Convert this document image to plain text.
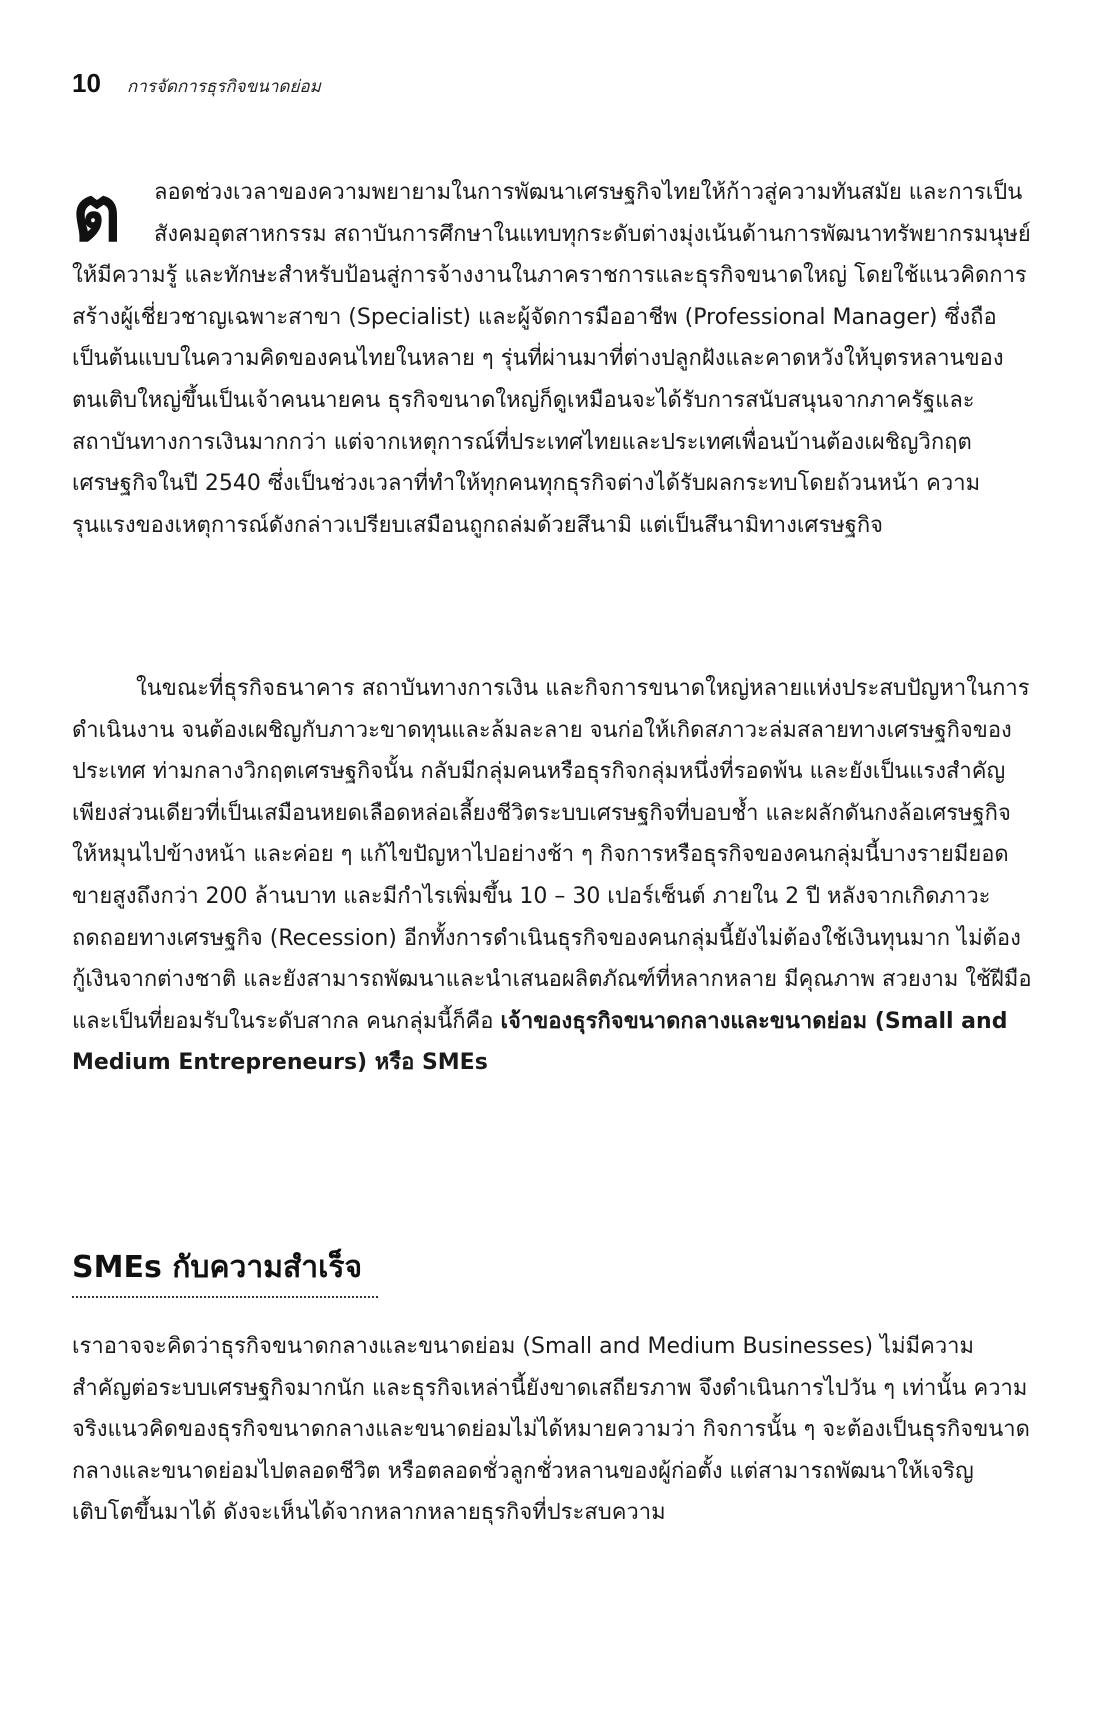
10 การจัดการธุรกิจขนาดย่อม
ต	ลอดช่วงเวลาของความพยายามในการพัฒนาเศรษฐกิจไทยให้ก้าวสู่ความทันสมัย และการเป็นสังคมอุตสาหกรรม สถาบันการศึกษาในแทบทุกระดับต่างมุ่งเน้นด้านการพัฒนาทรัพยากรมนุษย์ให้มีความรู้ และทักษะสำหรับป้อนสู่การจ้างงานในภาคราชการและธุรกิจขนาดใหญ่ โดยใช้แนวคิดการสร้างผู้เชี่ยวชาญเฉพาะสาขา (Specialist) และผู้จัดการมืออาชีพ (Professional Manager) ซึ่งถือเป็นต้นแบบในความคิดของคนไทยในหลาย ๆ รุ่นที่ผ่านมาที่ต่างปลูกฝังและคาดหวังให้บุตรหลานของตนเติบใหญ่ขึ้นเป็นเจ้าคนนายคน ธุรกิจขนาดใหญ่ก็ดูเหมือนจะได้รับการสนับสนุนจากภาครัฐและสถาบันทางการเงินมากกว่า แต่จากเหตุการณ์ที่ประเทศไทยและประเทศเพื่อนบ้านต้องเผชิญวิกฤตเศรษฐกิจในปี 2540 ซึ่งเป็นช่วงเวลาที่ทำให้ทุกคนทุกธุรกิจต่างได้รับผลกระทบโดยถ้วนหน้า ความรุนแรงของเหตุการณ์ดังกล่าวเปรียบเสมือนถูกถล่มด้วยสึนามิ แต่เป็นสึนามิทางเศรษฐกิจ

ในขณะที่ธุรกิจธนาคาร สถาบันทางการเงิน และกิจการขนาดใหญ่หลายแห่งประสบปัญหาในการดำเนินงาน จนต้องเผชิญกับภาวะขาดทุนและล้มละลาย จนก่อให้เกิดสภาวะล่มสลายทางเศรษฐกิจของประเทศ ท่ามกลางวิกฤตเศรษฐกิจนั้น กลับมีกลุ่มคนหรือธุรกิจกลุ่มหนึ่งที่รอดพ้น และยังเป็นแรงสำคัญเพียงส่วนเดียวที่เป็นเสมือนหยดเลือดหล่อเลี้ยงชีวิตระบบเศรษฐกิจที่บอบช้ำ และผลักดันกงล้อเศรษฐกิจให้หมุนไปข้างหน้า และค่อย ๆ แก้ไขปัญหาไปอย่างช้า ๆ กิจการหรือธุรกิจของคนกลุ่มนี้บางรายมียอดขายสูงถึงกว่า 200 ล้านบาท และมีกำไรเพิ่มขึ้น 10 – 30 เปอร์เซ็นต์ ภายใน 2 ปี หลังจากเกิดภาวะถดถอยทางเศรษฐกิจ (Recession) อีกทั้งการดำเนินธุรกิจของคนกลุ่มนี้ยังไม่ต้องใช้เงินทุนมาก ไม่ต้องกู้เงินจากต่างชาติ และยังสามารถพัฒนาและนำเสนอผลิตภัณฑ์ที่หลากหลาย มีคุณภาพ สวยงาม ใช้ฝีมือ และเป็นที่ยอมรับในระดับสากล คนกลุ่มนี้ก็คือ เจ้าของธุรกิจขนาดกลางและขนาดย่อม (Small and Medium Entrepreneurs) หรือ SMEs

SMEs กับความสำเร็จ

เราอาจจะคิดว่าธุรกิจขนาดกลางและขนาดย่อม (Small and Medium Businesses) ไม่มีความสำคัญต่อระบบเศรษฐกิจมากนัก และธุรกิจเหล่านี้ยังขาดเสถียรภาพ จึงดำเนินการไปวัน ๆ เท่านั้น ความจริงแนวคิดของธุรกิจขนาดกลางและขนาดย่อมไม่ได้หมายความว่า กิจการนั้น ๆ จะต้องเป็นธุรกิจขนาดกลางและขนาดย่อมไปตลอดชีวิต หรือตลอดชั่วลูกชั่วหลานของผู้ก่อตั้ง แต่สามารถพัฒนาให้เจริญเติบโตขึ้นมาได้ ดังจะเห็นได้จากหลากหลายธุรกิจที่ประสบความ
